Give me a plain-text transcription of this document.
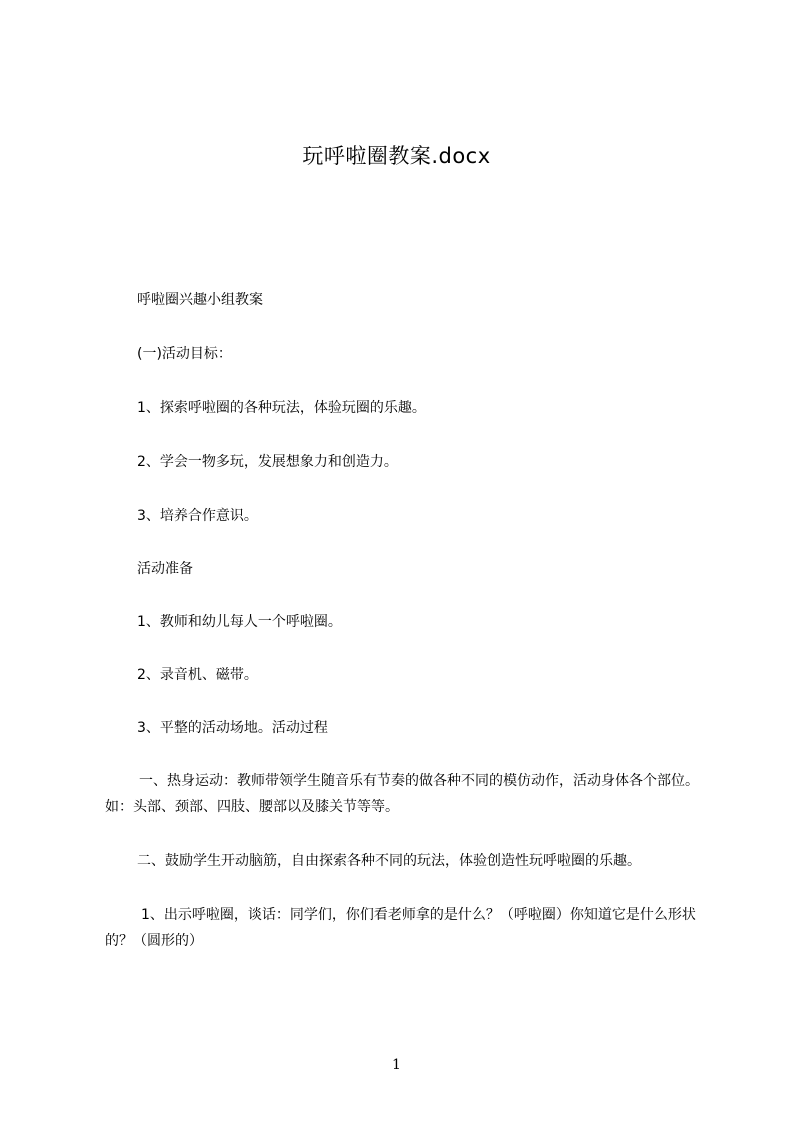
玩呼啦圈教案.docx
呼啦圈兴趣小组教案
(一)活动目标：
1、探索呼啦圈的各种玩法，体验玩圈的乐趣。
2、学会一物多玩，发展想象力和创造力。
3、培养合作意识。
活动准备
1、教师和幼儿每人一个呼啦圈。
2、录音机、磁带。
3、平整的活动场地。活动过程
一、热身运动：教师带领学生随音乐有节奏的做各种不同的模仿动作，活动身体各个部位。如：头部、颈部、四肢、腰部以及膝关节等等。
二、鼓励学生开动脑筋，自由探索各种不同的玩法，体验创造性玩呼啦圈的乐趣。
1、出示呼啦圈，谈话：同学们，你们看老师拿的是什么？（呼啦圈）你知道它是什么形状的？（圆形的）
1
